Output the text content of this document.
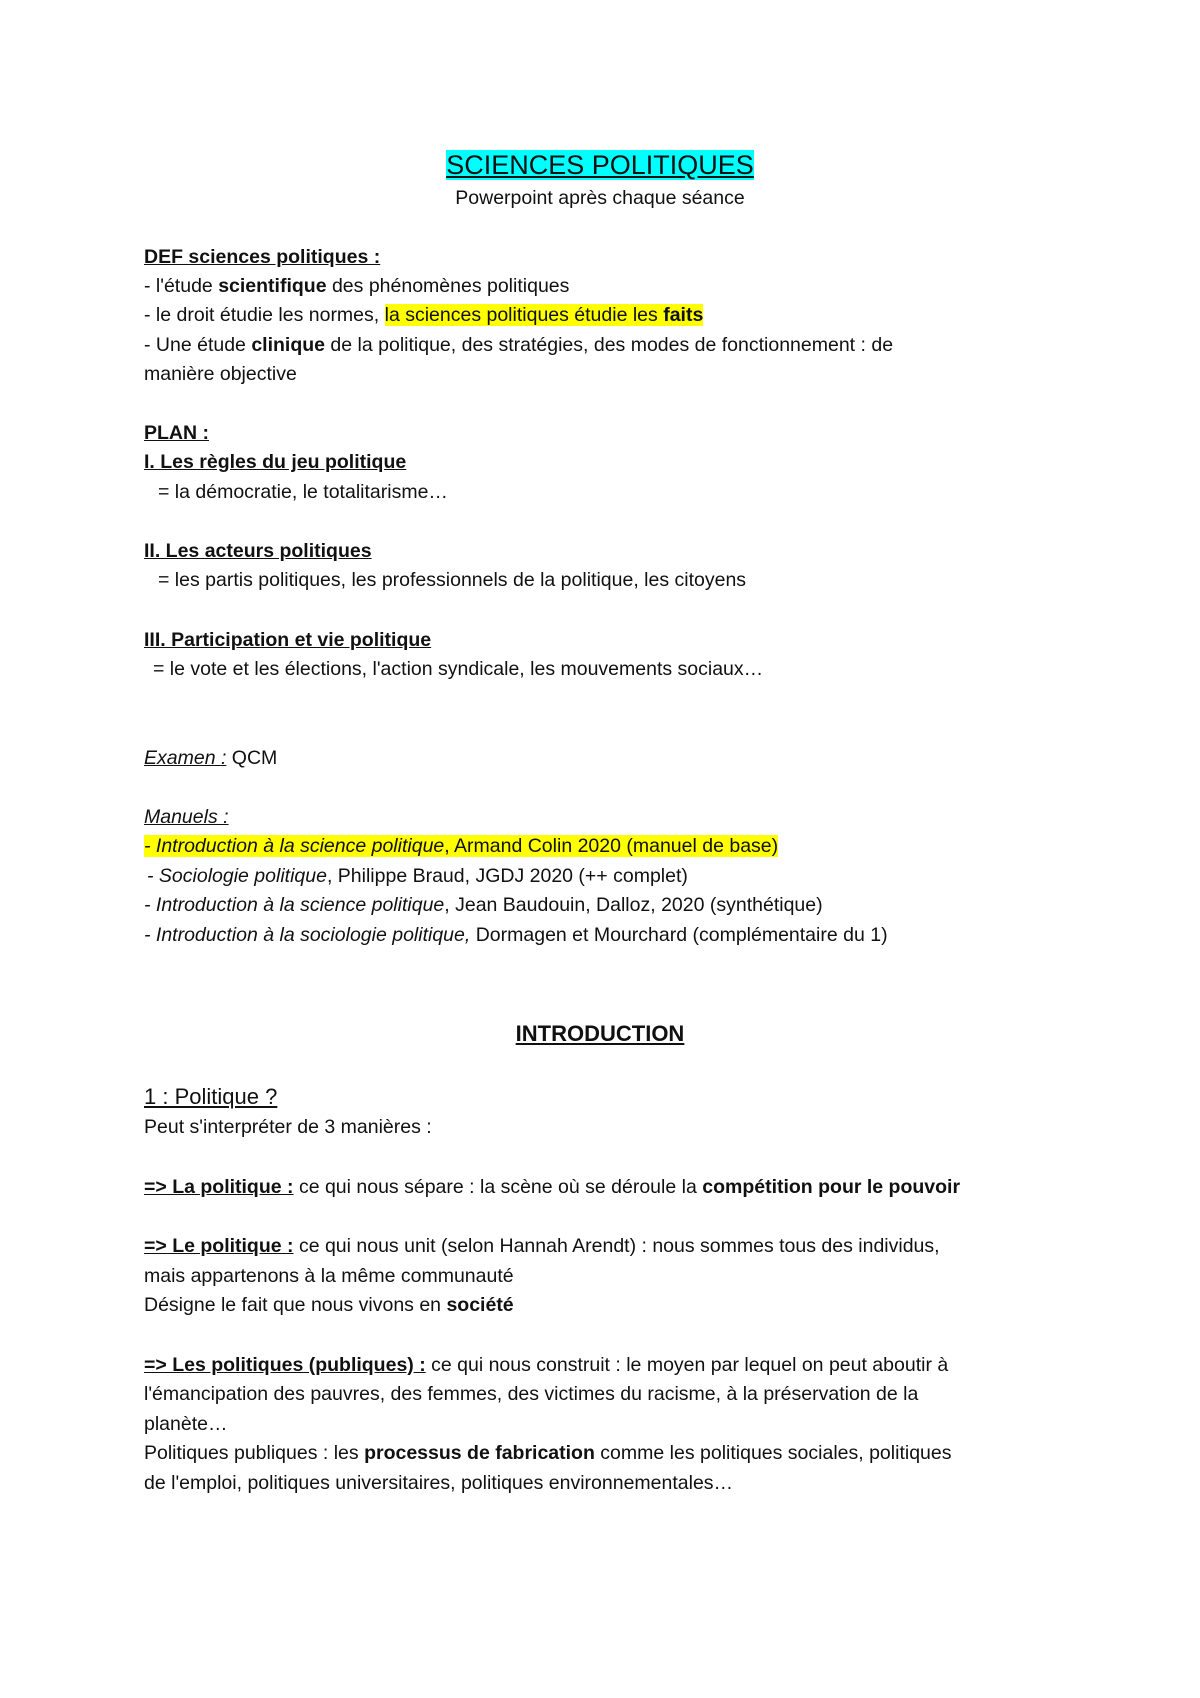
SCIENCES POLITIQUES
Powerpoint après chaque séance
DEF sciences politiques :
- l'étude scientifique des phénomènes politiques
- le droit étudie les normes, la sciences politiques étudie les faits
- Une étude clinique de la politique, des stratégies, des modes de fonctionnement : de
manière objective
PLAN :
I. Les règles du jeu politique
= la démocratie, le totalitarisme…
II. Les acteurs politiques
= les partis politiques, les professionnels de la politique, les citoyens
III. Participation et vie politique
= le vote et les élections, l'action syndicale, les mouvements sociaux…
Examen : QCM
Manuels :
- Introduction à la science politique, Armand Colin 2020 (manuel de base)
- Sociologie politique, Philippe Braud, JGDJ 2020 (++ complet)
- Introduction à la science politique, Jean Baudouin, Dalloz, 2020 (synthétique)
- Introduction à la sociologie politique, Dormagen et Mourchard (complémentaire du 1)
INTRODUCTION
1 : Politique ?
Peut s'interpréter de 3 manières :
=> La politique : ce qui nous sépare : la scène où se déroule la compétition pour le pouvoir
=> Le politique : ce qui nous unit (selon Hannah Arendt) : nous sommes tous des individus,
mais appartenons à la même communauté
Désigne le fait que nous vivons en société
=> Les politiques (publiques) : ce qui nous construit : le moyen par lequel on peut aboutir à
l'émancipation des pauvres, des femmes, des victimes du racisme, à la préservation de la
planète…
Politiques publiques : les processus de fabrication comme les politiques sociales, politiques
de l'emploi, politiques universitaires, politiques environnementales…
